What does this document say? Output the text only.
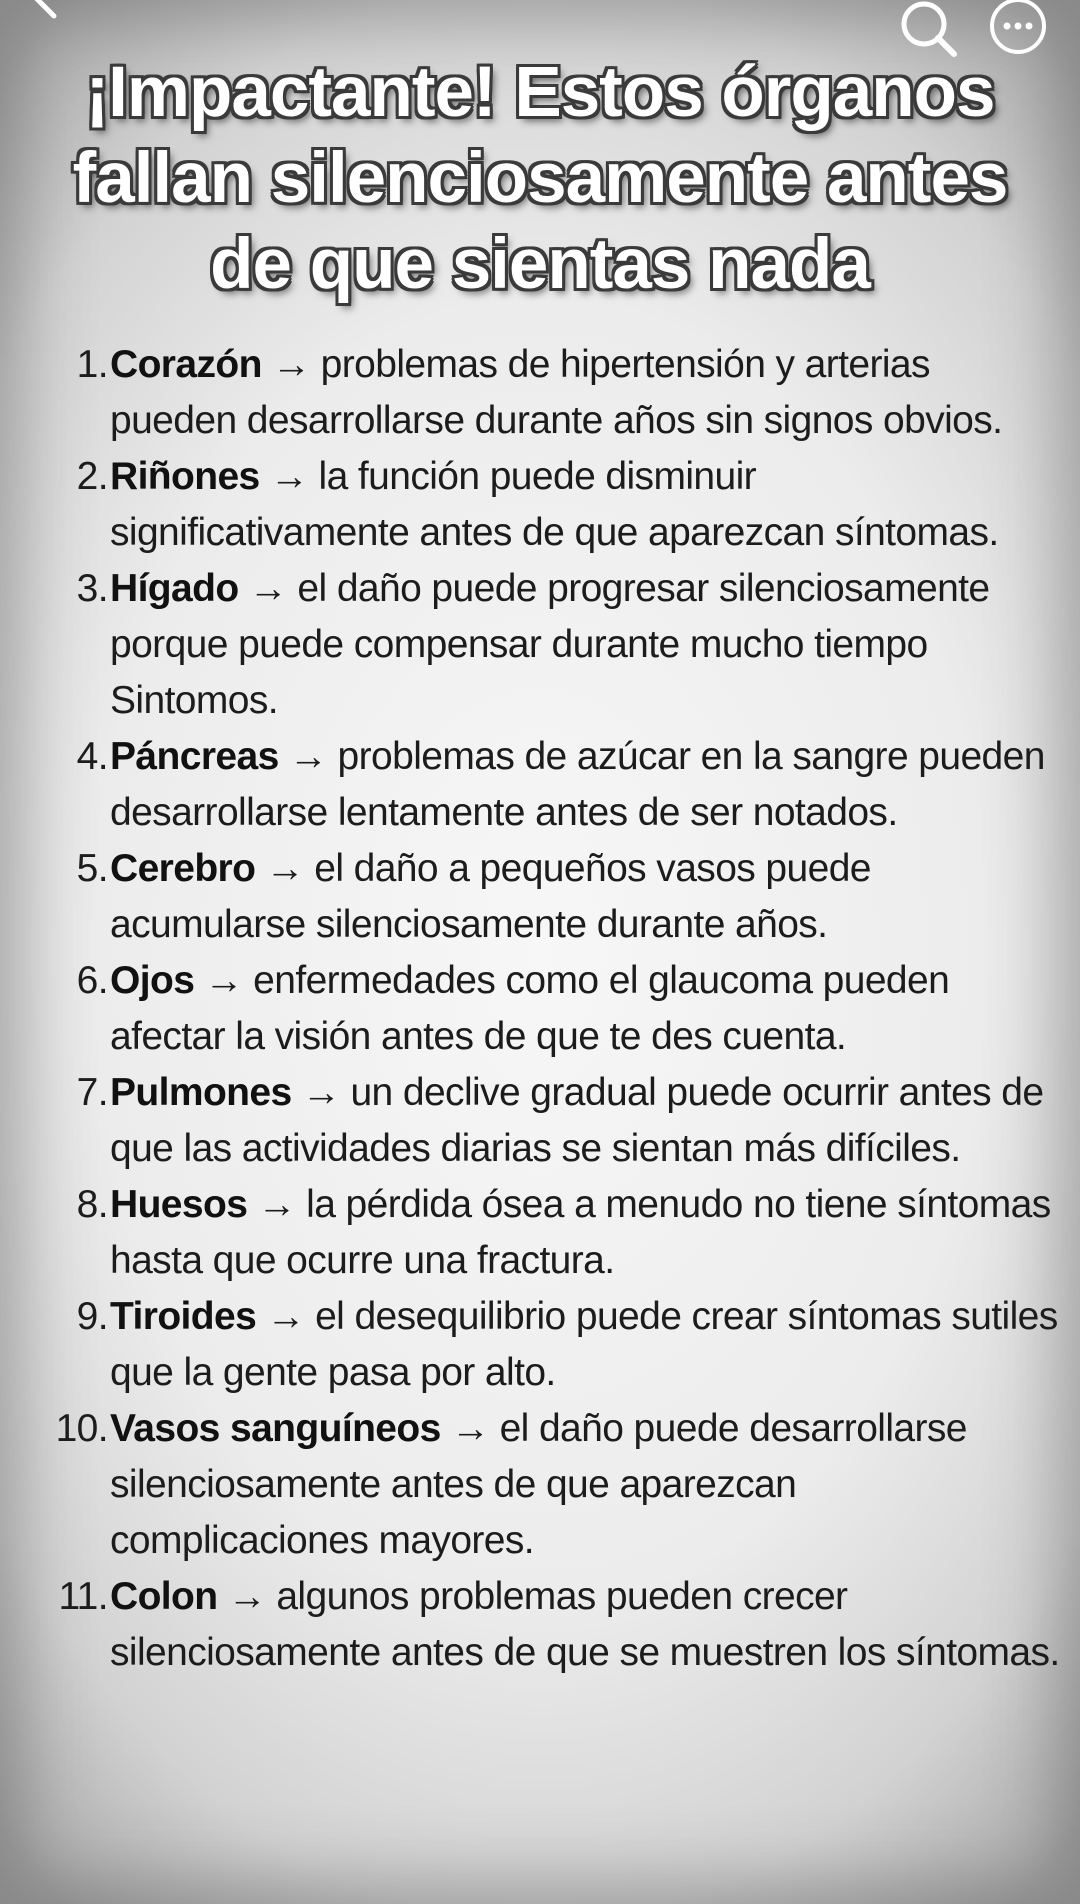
¡Impactante! Estos órganos
fallan silenciosamente antes
de que sientas nada
1. Corazón → problemas de hipertensión y arterias pueden desarrollarse durante años sin signos obvios.
2. Riñones → la función puede disminuir significativamente antes de que aparezcan síntomas.
3. Hígado → el daño puede progresar silenciosamente porque puede compensar durante mucho tiempo Sintomos.
4. Páncreas → problemas de azúcar en la sangre pueden desarrollarse lentamente antes de ser notados.
5. Cerebro → el daño a pequeños vasos puede acumularse silenciosamente durante años.
6. Ojos → enfermedades como el glaucoma pueden afectar la visión antes de que te des cuenta.
7. Pulmones → un declive gradual puede ocurrir antes de que las actividades diarias se sientan más difíciles.
8. Huesos → la pérdida ósea a menudo no tiene síntomas hasta que ocurre una fractura.
9. Tiroides → el desequilibrio puede crear síntomas sutiles que la gente pasa por alto.
10. Vasos sanguíneos → el daño puede desarrollarse silenciosamente antes de que aparezcan complicaciones mayores.
11. Colon → algunos problemas pueden crecer silenciosamente antes de que se muestren los síntomas.
